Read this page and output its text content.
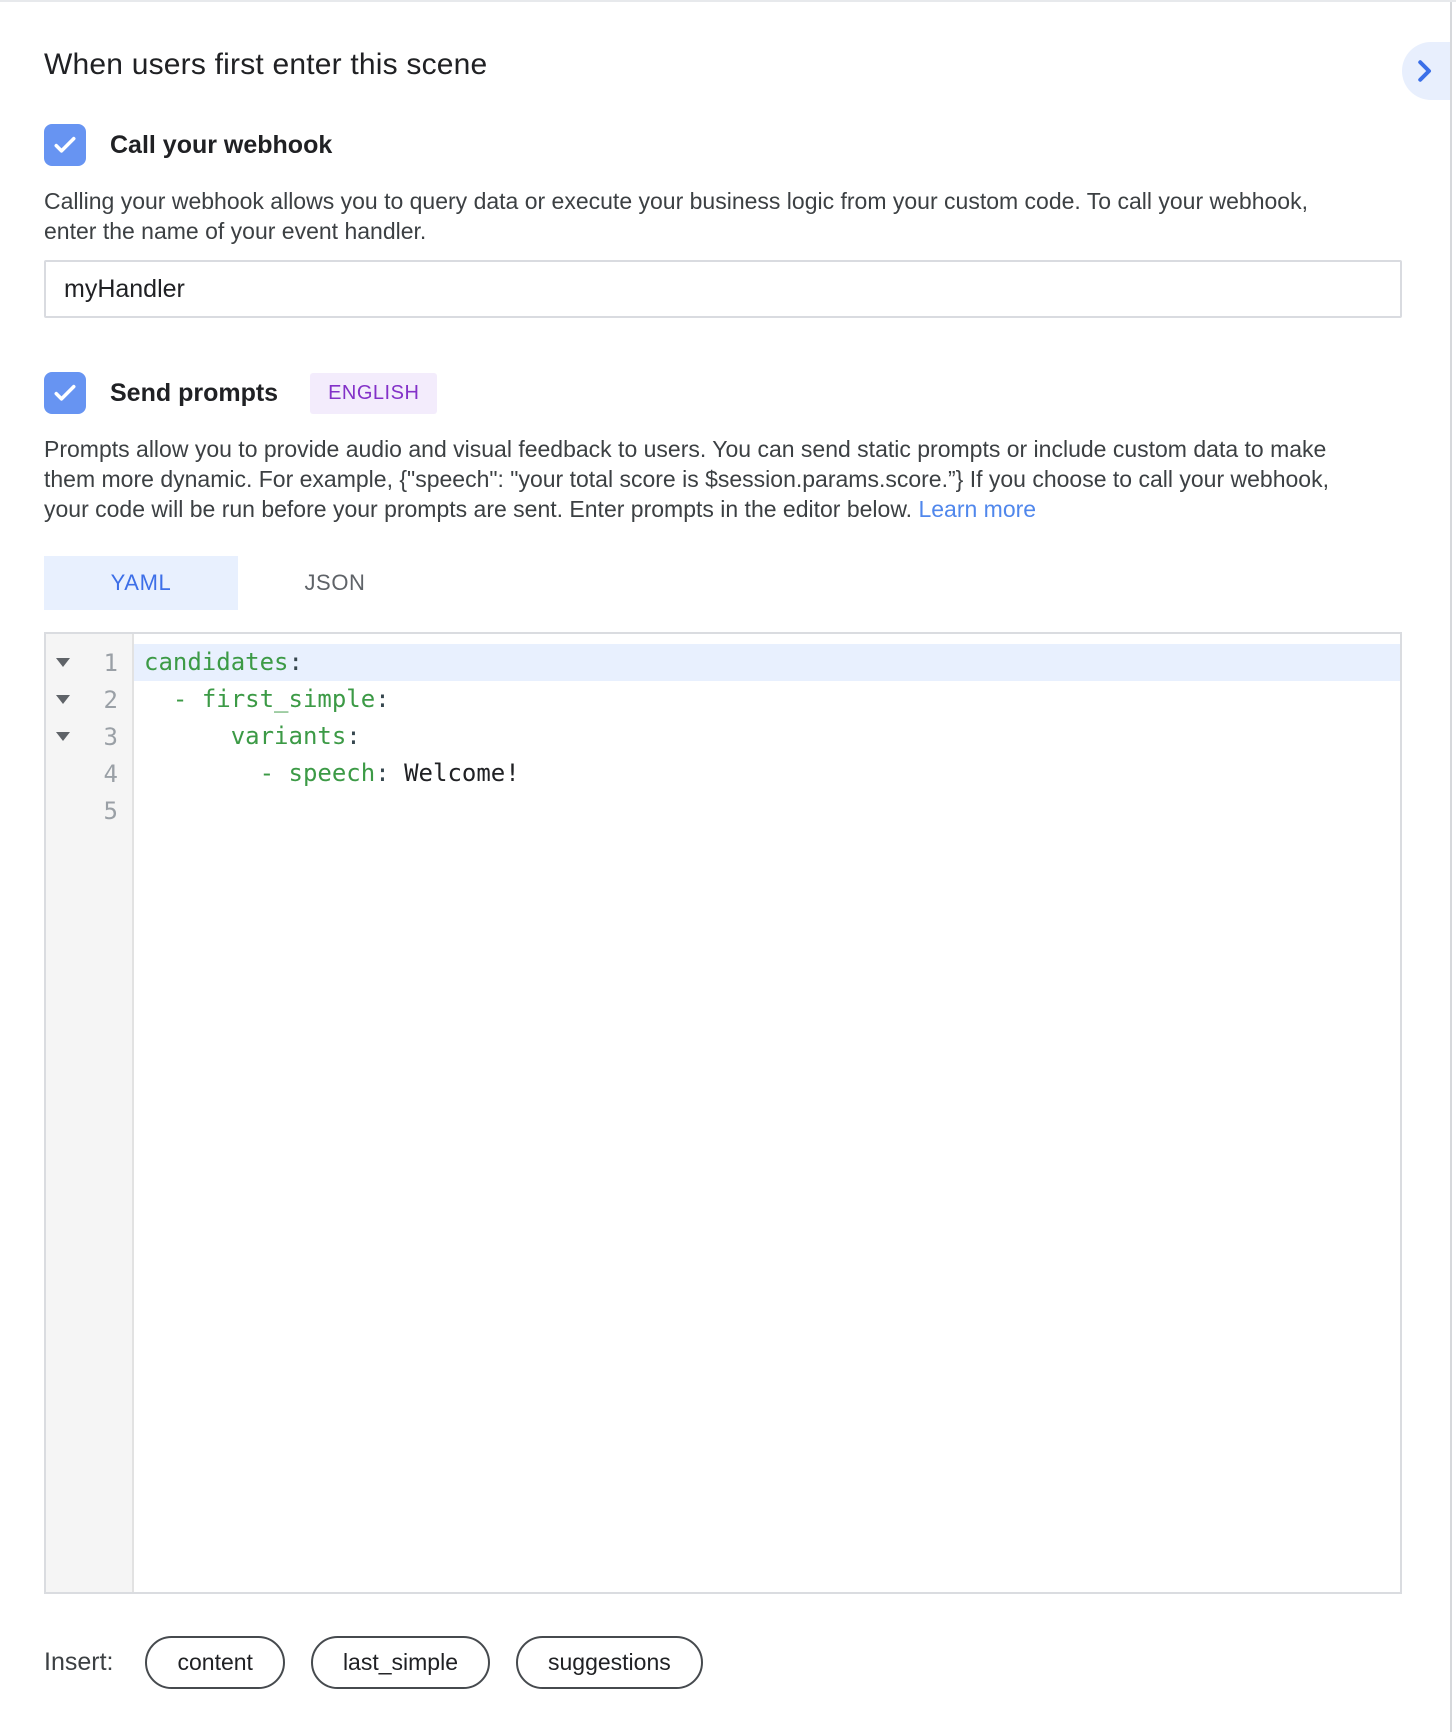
When users first enter this scene
Call your webhook
Calling your webhook allows you to query data or execute your business logic from your custom code. To call your webhook,
enter the name of your event handler.
myHandler
Send prompts	ENGLISH
Prompts allow you to provide audio and visual feedback to users. You can send static prompts or include custom data to make
them more dynamic. For example, {"speech": "your total score is $session.params.score.”} If you choose to call your webhook,
your code will be run before your prompts are sent. Enter prompts in the editor below. Learn more
YAML	JSON
1
2
3
4
5
candidates:
- first_simple:
variants:
- speech: Welcome!
Insert:	content	last_simple	suggestions
